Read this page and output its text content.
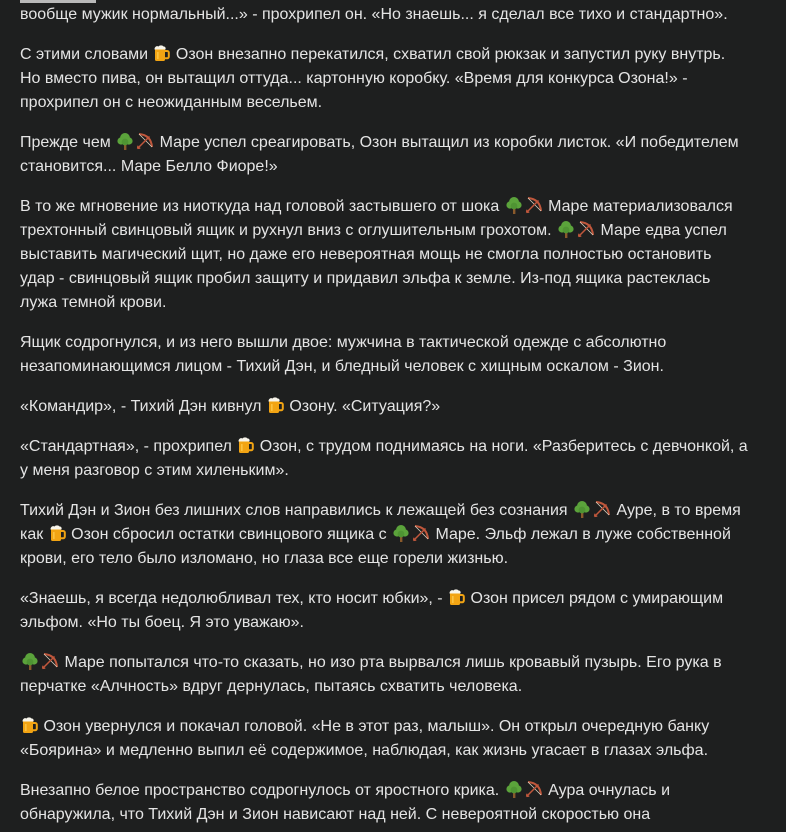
вообще мужик нормальный...» - прохрипел он. «Но знаешь... я сделал все тихо и стандартно».

С этими словами
Озон внезапно перекатился, схватил свой рюкзак и запустил руку внутрь.
Но вместо пива, он вытащил оттуда... картонную коробку. «Время для конкурса Озона!» -
прохрипел он с неожиданным весельем.

Прежде чем	Маре успел среагировать, Озон вытащил из коробки листок. «И победителем
становится... Маре Белло Фиоре!»

В то же мгновение из ниоткуда над головой застывшего от шока	Маре материализовался
трехтонный свинцовый ящик и рухнул вниз с оглушительным грохотом.	Маре едва успел
выставить магический щит, но даже его невероятная мощь не смогла полностью остановить
удар - свинцовый ящик пробил защиту и придавил эльфа к земле. Из-под ящика растеклась
лужа темной крови.

Ящик содрогнулся, и из него вышли двое: мужчина в тактической одежде с абсолютно
незапоминающимся лицом - Тихий Дэн, и бледный человек с хищным оскалом - Зион.

«Командир», - Тихий Дэн кивнул
Озону. «Ситуация?»

«Стандартная», - прохрипел
Озон, с трудом поднимаясь на ноги. «Разберитесь с девчонкой, а
у меня разговор с этим хиленьким».

Тихий Дэн и Зион без лишних слов направились к лежащей без сознания	Ауре, в то время
как
Озон сбросил остатки свинцового ящика с	Маре. Эльф лежал в луже собственной
крови, его тело было изломано, но глаза все еще горели жизнью.

«Знаешь, я всегда недолюбливал тех, кто носит юбки», -
Озон присел рядом с умирающим
эльфом. «Но ты боец. Я это уважаю».

Маре попытался что-то сказать, но изо рта вырвался лишь кровавый пузырь. Его рука в
перчатке «Алчность» вдруг дернулась, пытаясь схватить человека.

Озон увернулся и покачал головой. «Не в этот раз, малыш». Он открыл очередную банку
«Боярина» и медленно выпил её содержимое, наблюдая, как жизнь угасает в глазах эльфа.

Внезапно белое пространство содрогнулось от яростного крика.	Аура очнулась и
обнаружила, что Тихий Дэн и Зион нависают над ней. С невероятной скоростью она
